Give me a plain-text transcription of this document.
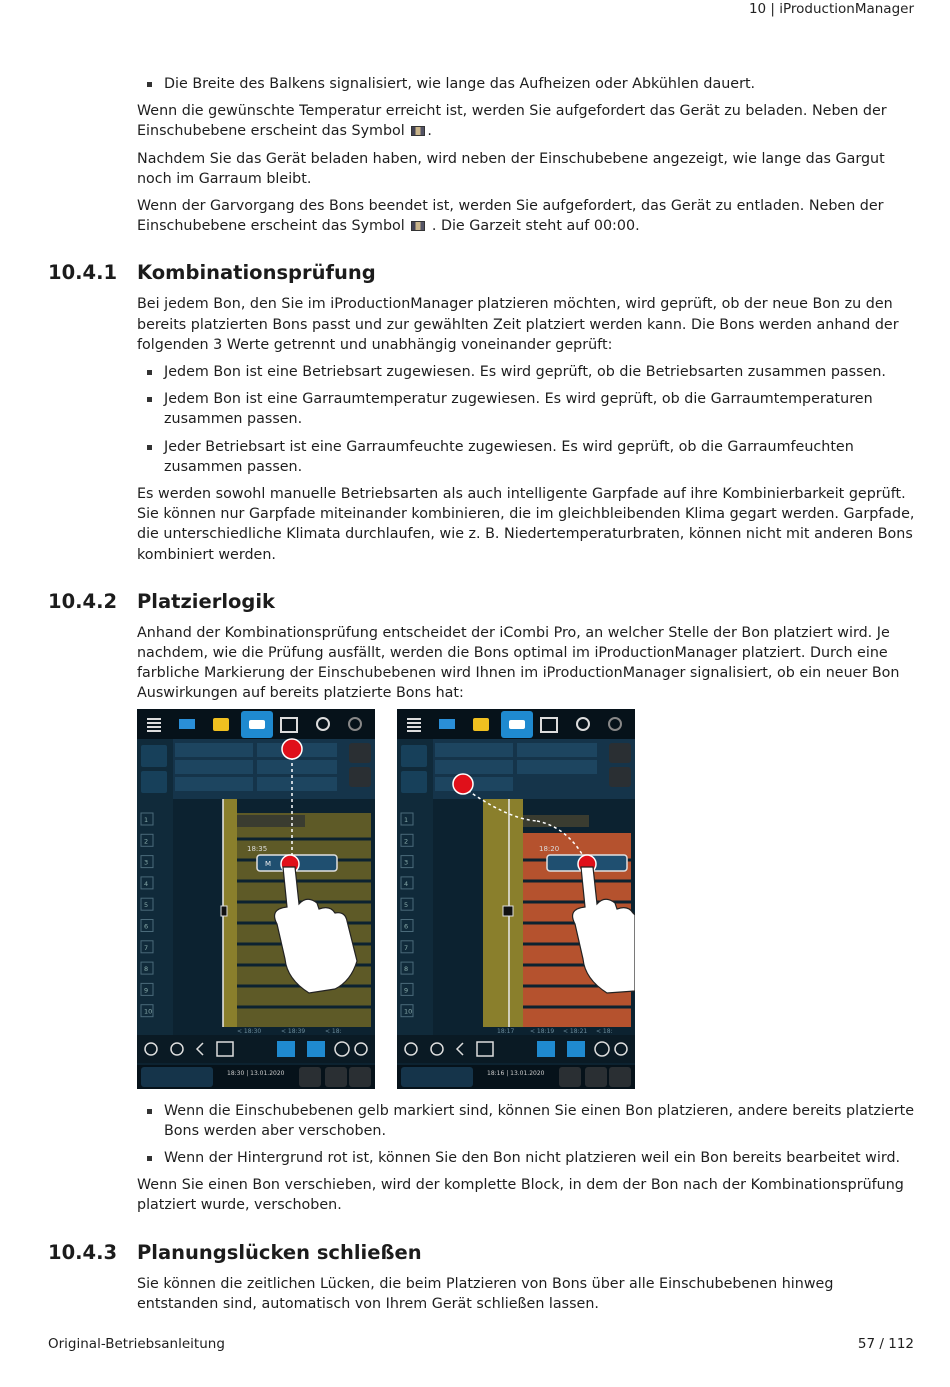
10 | iProductionManager
Die Breite des Balkens signalisiert, wie lange das Aufheizen oder Abkühlen dauert.

Wenn die gewünschte Temperatur erreicht ist, werden Sie aufgefordert das Gerät zu beladen. Neben der Einschubebene erscheint das Symbol .

Nachdem Sie das Gerät beladen haben, wird neben der Einschubebene angezeigt, wie lange das Gargut noch im Garraum bleibt.

Wenn der Garvorgang des Bons beendet ist, werden Sie aufgefordert, das Gerät zu entladen. Neben der Einschubebene erscheint das Symbol  . Die Garzeit steht auf 00:00.

10.4.1 Kombinationsprüfung

Bei jedem Bon, den Sie im iProductionManager platzieren möchten, wird geprüft, ob der neue Bon zu den bereits platzierten Bons passt und zur gewählten Zeit platziert werden kann. Die Bons werden anhand der folgenden 3 Werte getrennt und unabhängig voneinander geprüft:

Jedem Bon ist eine Betriebsart zugewiesen. Es wird geprüft, ob die Betriebsarten zusammen passen.
Jedem Bon ist eine Garraumtemperatur zugewiesen. Es wird geprüft, ob die Garraumtemperaturen zusammen passen.
Jeder Betriebsart ist eine Garraumfeuchte zugewiesen. Es wird geprüft, ob die Garraumfeuchten zusammen passen.

Es werden sowohl manuelle Betriebsarten als auch intelligente Garpfade auf ihre Kombinierbarkeit geprüft. Sie können nur Garpfade miteinander kombinieren, die im gleichbleibenden Klima gegart werden. Garpfade, die unterschiedliche Klimata durchlaufen, wie z. B. Niedertemperaturbraten, können nicht mit anderen Bons kombiniert werden.

10.4.2 Platzierlogik

Anhand der Kombinationsprüfung entscheidet der iCombi Pro, an welcher Stelle der Bon platziert wird. Je nachdem, wie die Prüfung ausfällt, werden die Bons optimal im iProductionManager platziert. Durch eine farbliche Markierung der Einschubebenen wird Ihnen im iProductionManager signalisiert, ob ein neuer Bon Auswirkungen auf bereits platzierte Bons hat:

18:35
M
1
2
3
4
5
6
7
8
9
10
< 18:30	< 18:39	< 18:
18:30 | 13.01.2020
18:20
1
2
3
4
5
6
7
8
9
10
18:17	< 18:19 < 18:21 < 18:
18:16 | 13.01.2020
Wenn die Einschubebenen gelb markiert sind, können Sie einen Bon platzieren, andere bereits platzierte Bons werden aber verschoben.
Wenn der Hintergrund rot ist, können Sie den Bon nicht platzieren weil ein Bon bereits bearbeitet wird.

Wenn Sie einen Bon verschieben, wird der komplette Block, in dem der Bon nach der Kombinationsprüfung platziert wurde, verschoben.

10.4.3 Planungslücken schließen

Sie können die zeitlichen Lücken, die beim Platzieren von Bons über alle Einschubebenen hinweg entstanden sind, automatisch von Ihrem Gerät schließen lassen.

Original-Betriebsanleitung	57 / 112
